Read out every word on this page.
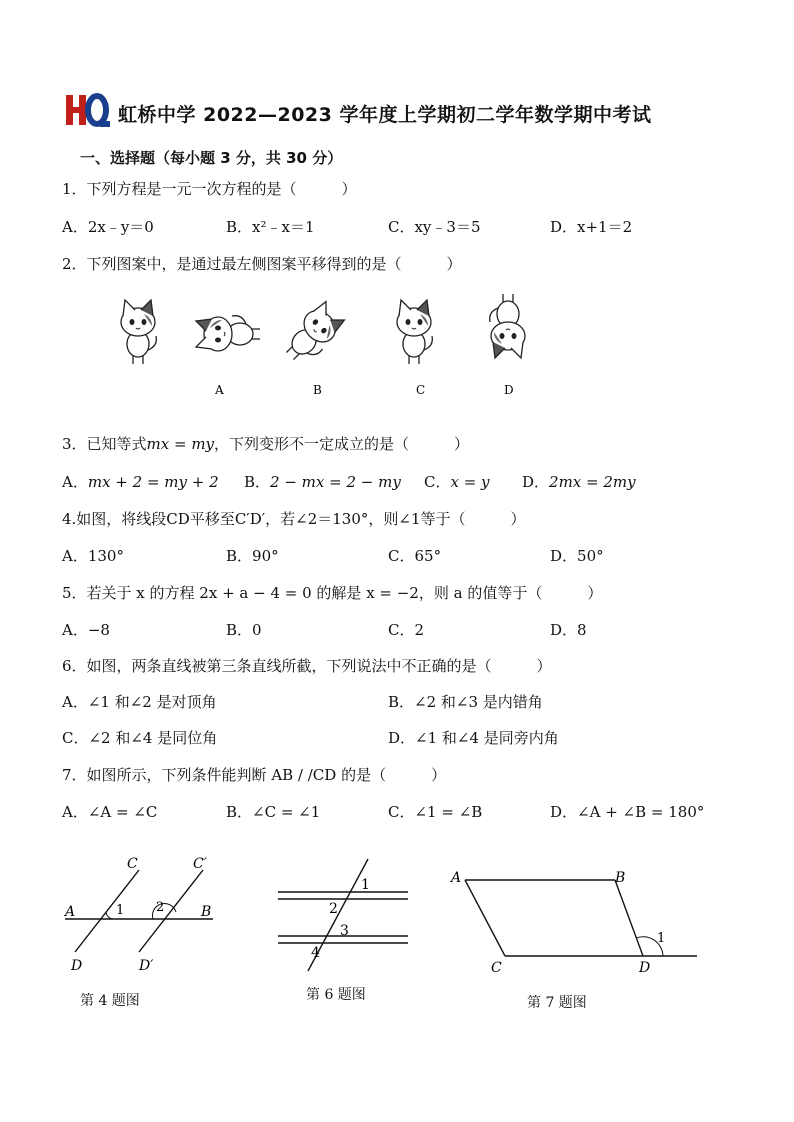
虹桥中学 2022—2023 学年度上学期初二学年数学期中考试
一、选择题（每小题 3 分，共 30 分）
1．下列方程是一元一次方程的是（　　　）
A．2x﹣y＝0	B．x²﹣x＝1	C．xy﹣3＝5	D．x+1＝2
2．下列图案中，是通过最左侧图案平移得到的是（　　　）
A	B	C	D
3．已知等式mx = my，下列变形不一定成立的是（　　　）
A．mx + 2 = my + 2 B．2 − mx = 2 − my C．x = y D．2mx = 2my
4.如图，将线段CD平移至C′D′，若∠2＝130°，则∠1等于（　　　）
A．130°	B．90°	C．65°	D．50°
5．若关于 x 的方程 2x + a − 4 = 0 的解是 x = −2，则 a 的值等于（　　　）
A．−8	B．0	C．2	D．8
6．如图，两条直线被第三条直线所截，下列说法中不正确的是（　　　）
A．∠1 和∠2 是对顶角	B．∠2 和∠3 是内错角
C．∠2 和∠4 是同位角	D．∠1 和∠4 是同旁内角
7．如图所示，下列条件能判断 AB / /CD 的是（　　　）
A．∠A = ∠C	B．∠C = ∠1	C．∠1 = ∠B	D．∠A + ∠B = 180°
C	C′
A	B
D	D′
1 2
第 4 题图
1
2
3
4
第 6 题图
A	B
C	D
1
第 7 题图
